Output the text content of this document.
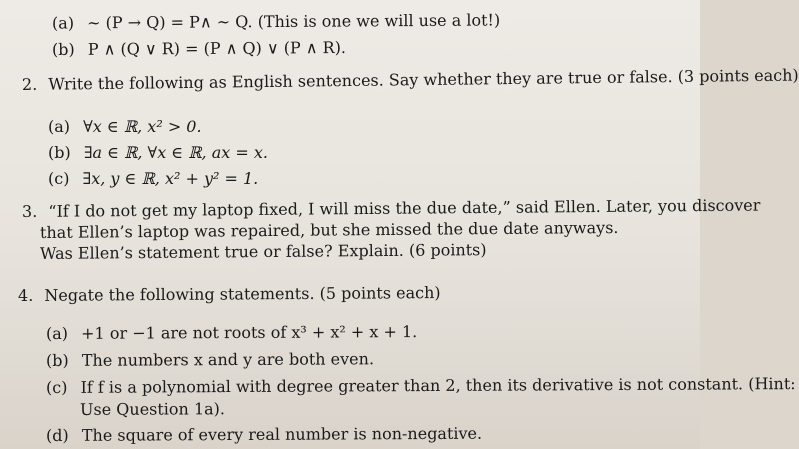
(a) ∼ (P → Q) = P∧ ∼ Q. (This is one we will use a lot!)
(b) P ∧ (Q ∨ R) = (P ∧ Q) ∨ (P ∧ R).
2. Write the following as English sentences. Say whether they are true or false. (3 points each)
(a) ∀x ∈ ℝ, x² > 0.
(b) ∃a ∈ ℝ, ∀x ∈ ℝ, ax = x.
(c) ∃x, y ∈ ℝ, x² + y² = 1.
3. “If I do not get my laptop fixed, I will miss the due date,” said Ellen. Later, you discover
that Ellen’s laptop was repaired, but she missed the due date anyways.
Was Ellen’s statement true or false? Explain. (6 points)
4. Negate the following statements. (5 points each)
(a) +1 or −1 are not roots of x³ + x² + x + 1.
(b) The numbers x and y are both even.
(c) If f is a polynomial with degree greater than 2, then its derivative is not constant. (Hint:
Use Question 1a).
(d) The square of every real number is non-negative.
